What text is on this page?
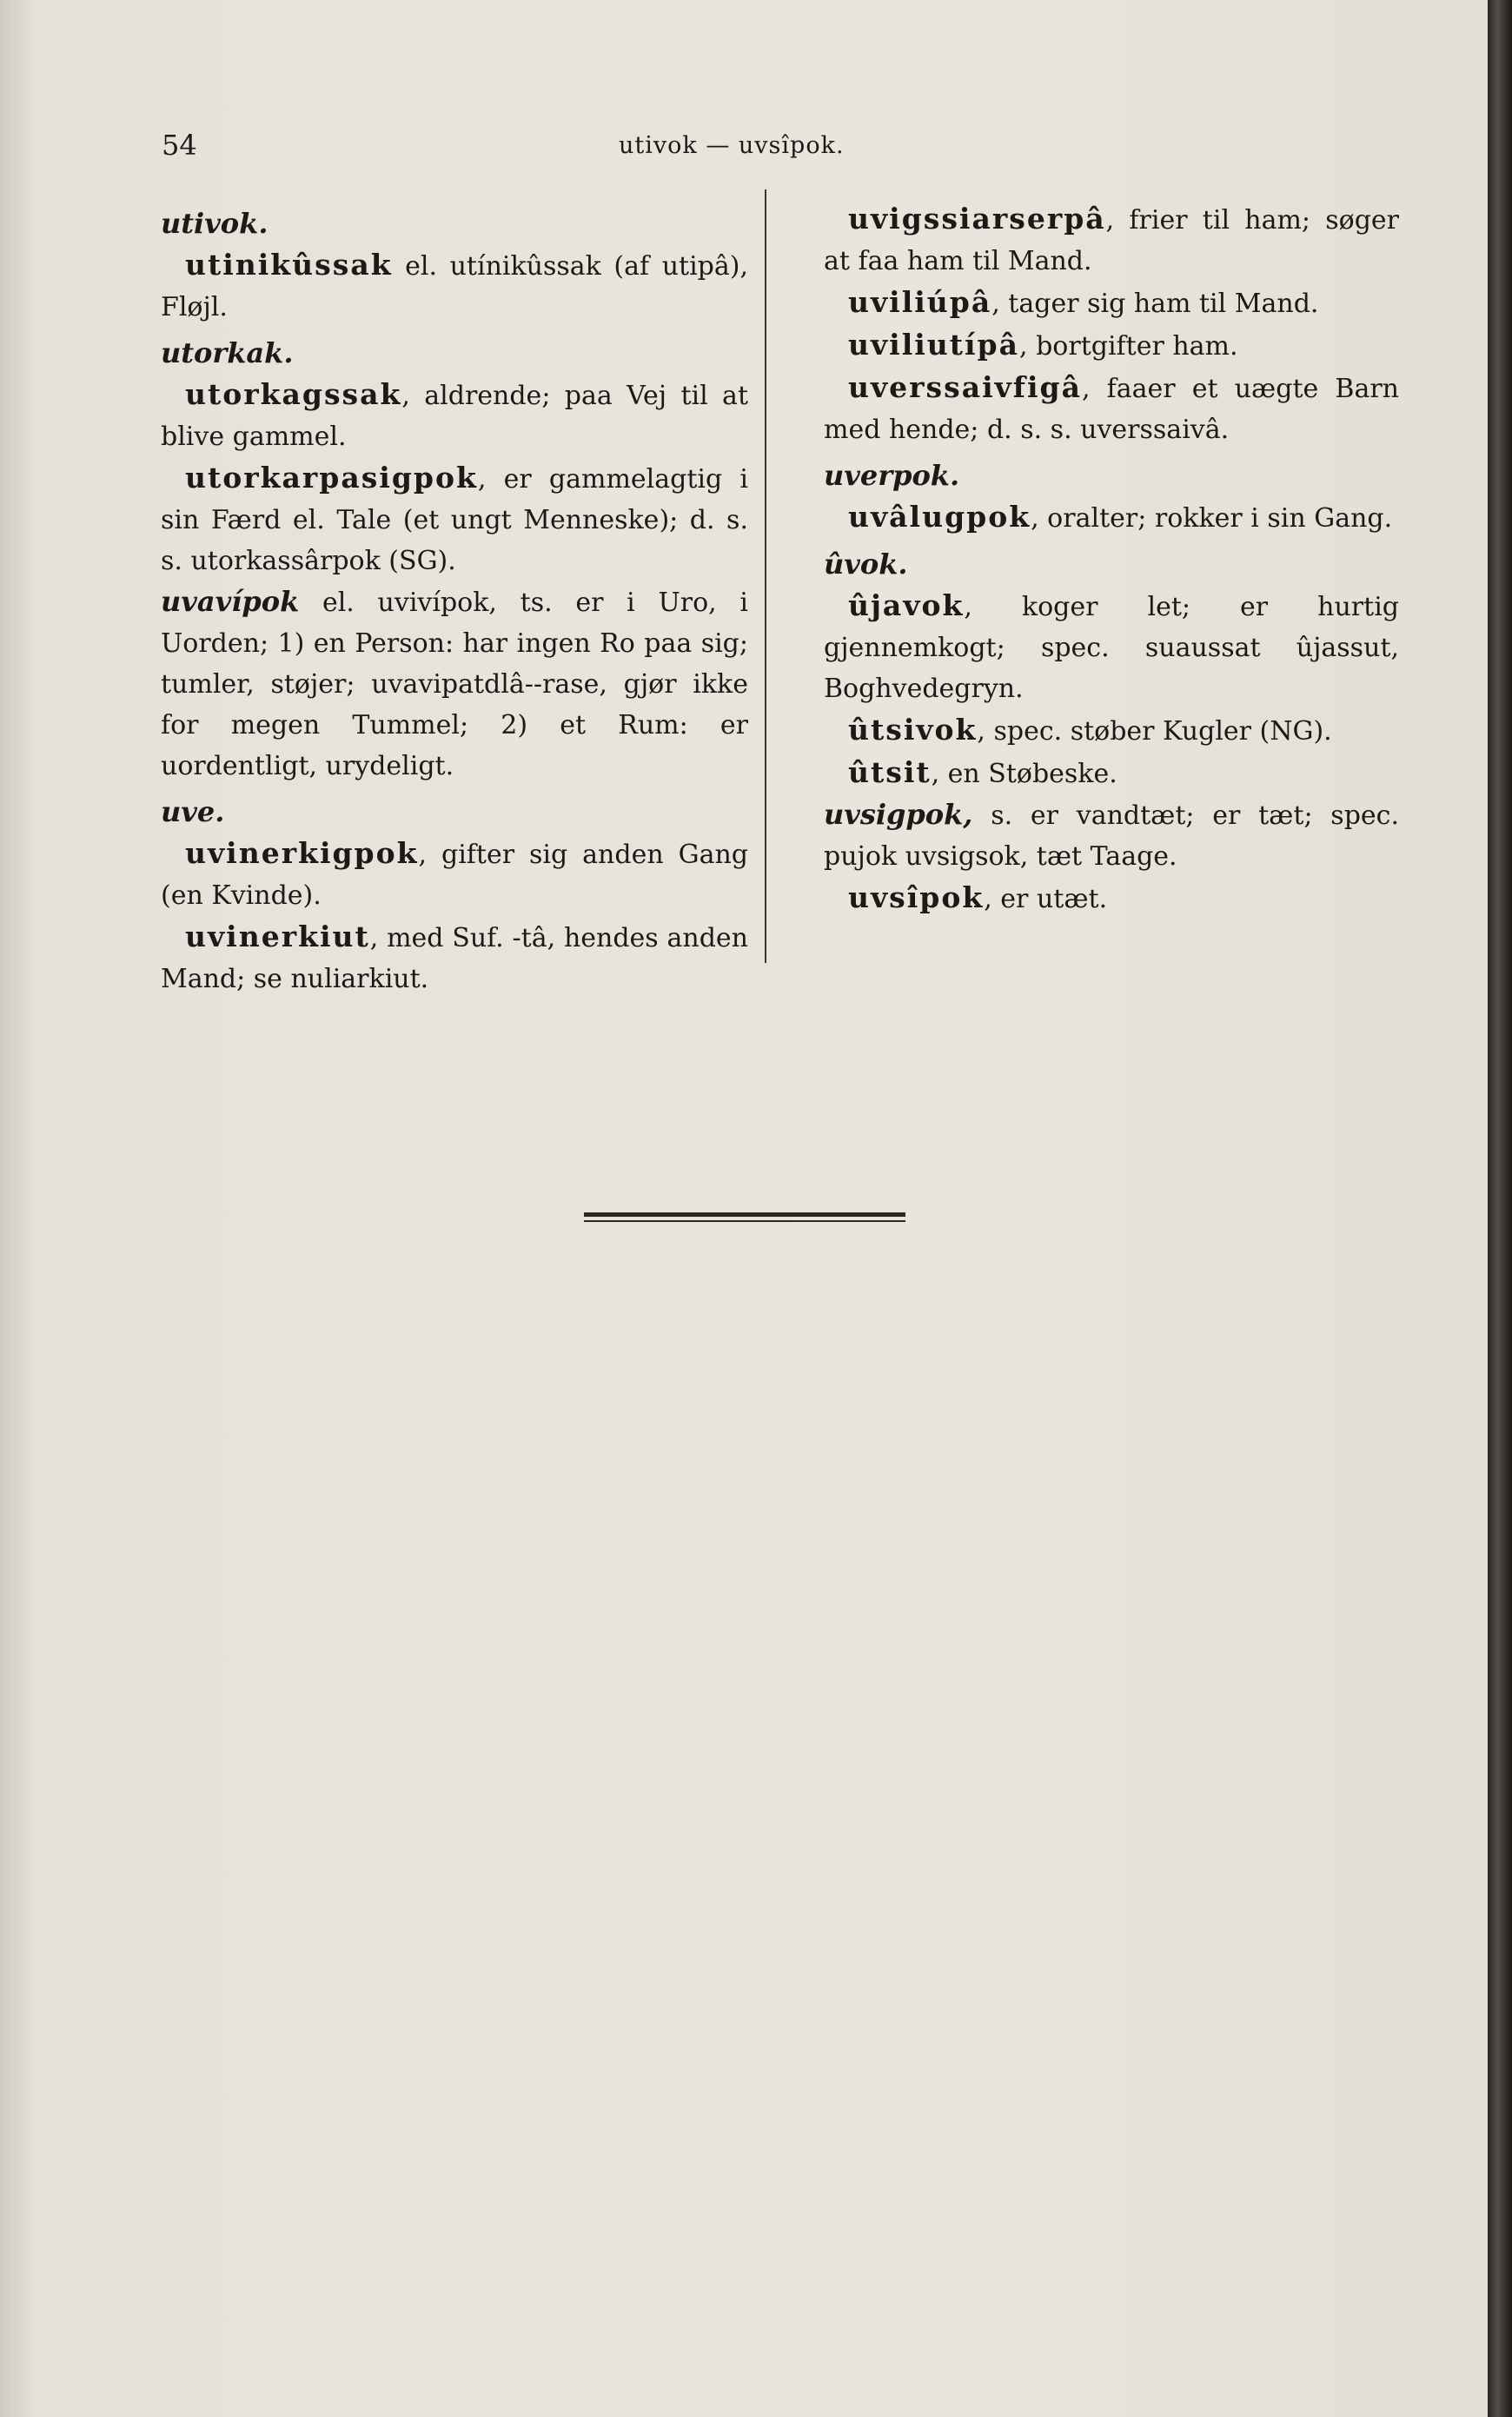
54	utivok — uvsîpok.
utivok.

utinikûssak el. utínikûssak (af utipâ), Fløjl.

utorkak.

utorkagssak, aldrende; paa Vej til at blive gammel.

utorkarpasigpok, er gammelagtig i sin Færd el. Tale (et ungt Menneske); d. s. s. utorkassârpok (SG).

uvavípok el. uvivípok, ts. er i Uro, i Uorden; 1) en Person: har ingen Ro paa sig; tumler, støjer; uvavipatdlâ--rase, gjør ikke for megen Tummel; 2) et Rum: er uordentligt, urydeligt.

uve.

uvinerkigpok, gifter sig anden Gang (en Kvinde).

uvinerkiut, med Suf. -tâ, hendes anden Mand; se nuliarkiut.

uvigssiarserpâ, frier til ham; søger at faa ham til Mand.

uviliúpâ, tager sig ham til Mand.

uviliutípâ, bortgifter ham.

uverssaivfigâ, faaer et uægte Barn med hende; d. s. s. uverssaivâ.

uverpok.

uvâlugpok, oralter; rokker i sin Gang.

ûvok.

ûjavok, koger let; er hurtig gjennemkogt; spec. suaussat ûjassut, Boghvedegryn.

ûtsivok, spec. støber Kugler (NG).

ûtsit, en Støbeske.

uvsigpok, s. er vandtæt; er tæt; spec. pujok uvsigsok, tæt Taage.

uvsîpok, er utæt.
